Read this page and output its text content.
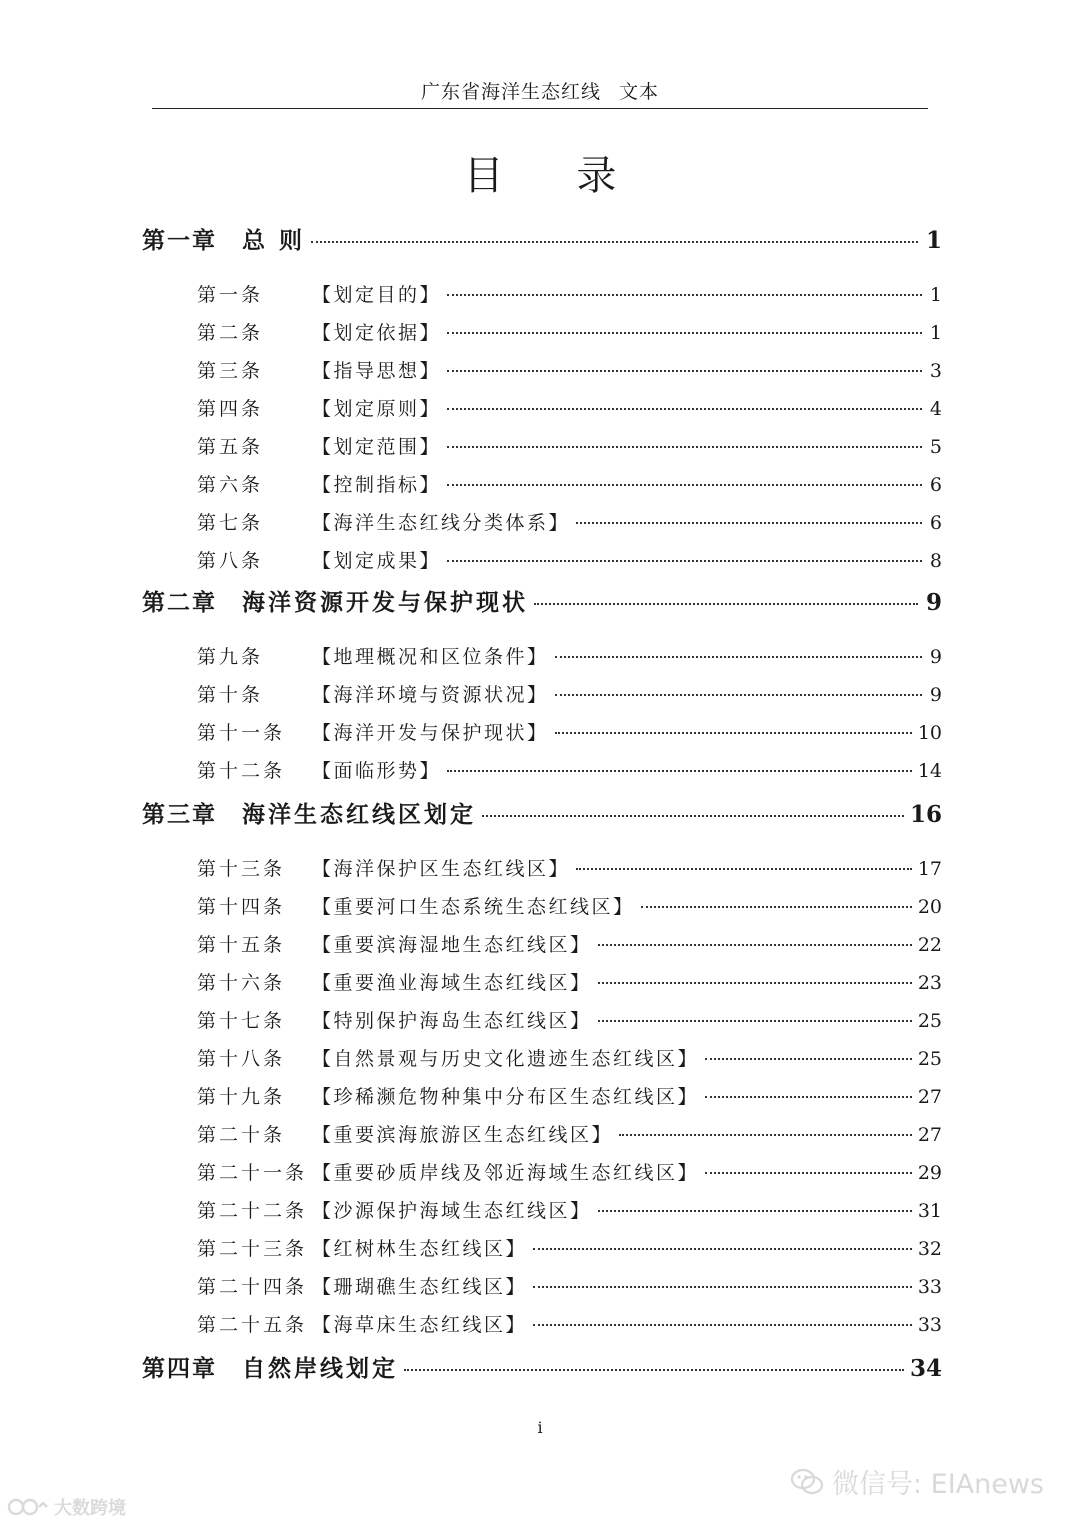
广东省海洋生态红线 文本
目 录
第一章	总 则	1
第一条	【划定目的】	1
第二条	【划定依据】	1
第三条	【指导思想】	3
第四条	【划定原则】	4
第五条	【划定范围】	5
第六条	【控制指标】	6
第七条	【海洋生态红线分类体系】	6
第八条	【划定成果】	8
第二章	海洋资源开发与保护现状	9
第九条	【地理概况和区位条件】	9
第十条	【海洋环境与资源状况】	9
第十一条	【海洋开发与保护现状】	10
第十二条	【面临形势】	14
第三章	海洋生态红线区划定	16
第十三条	【海洋保护区生态红线区】	17
第十四条	【重要河口生态系统生态红线区】	20
第十五条	【重要滨海湿地生态红线区】	22
第十六条	【重要渔业海域生态红线区】	23
第十七条	【特别保护海岛生态红线区】	25
第十八条	【自然景观与历史文化遗迹生态红线区】	25
第十九条	【珍稀濒危物种集中分布区生态红线区】	27
第二十条	【重要滨海旅游区生态红线区】	27
第二十一条 【重要砂质岸线及邻近海域生态红线区】	29
第二十二条 【沙源保护海域生态红线区】	31
第二十三条 【红树林生态红线区】	32
第二十四条 【珊瑚礁生态红线区】	33
第二十五条 【海草床生态红线区】	33
第四章	自然岸线划定	34
i
微信号: EIAnews
大数跨境
